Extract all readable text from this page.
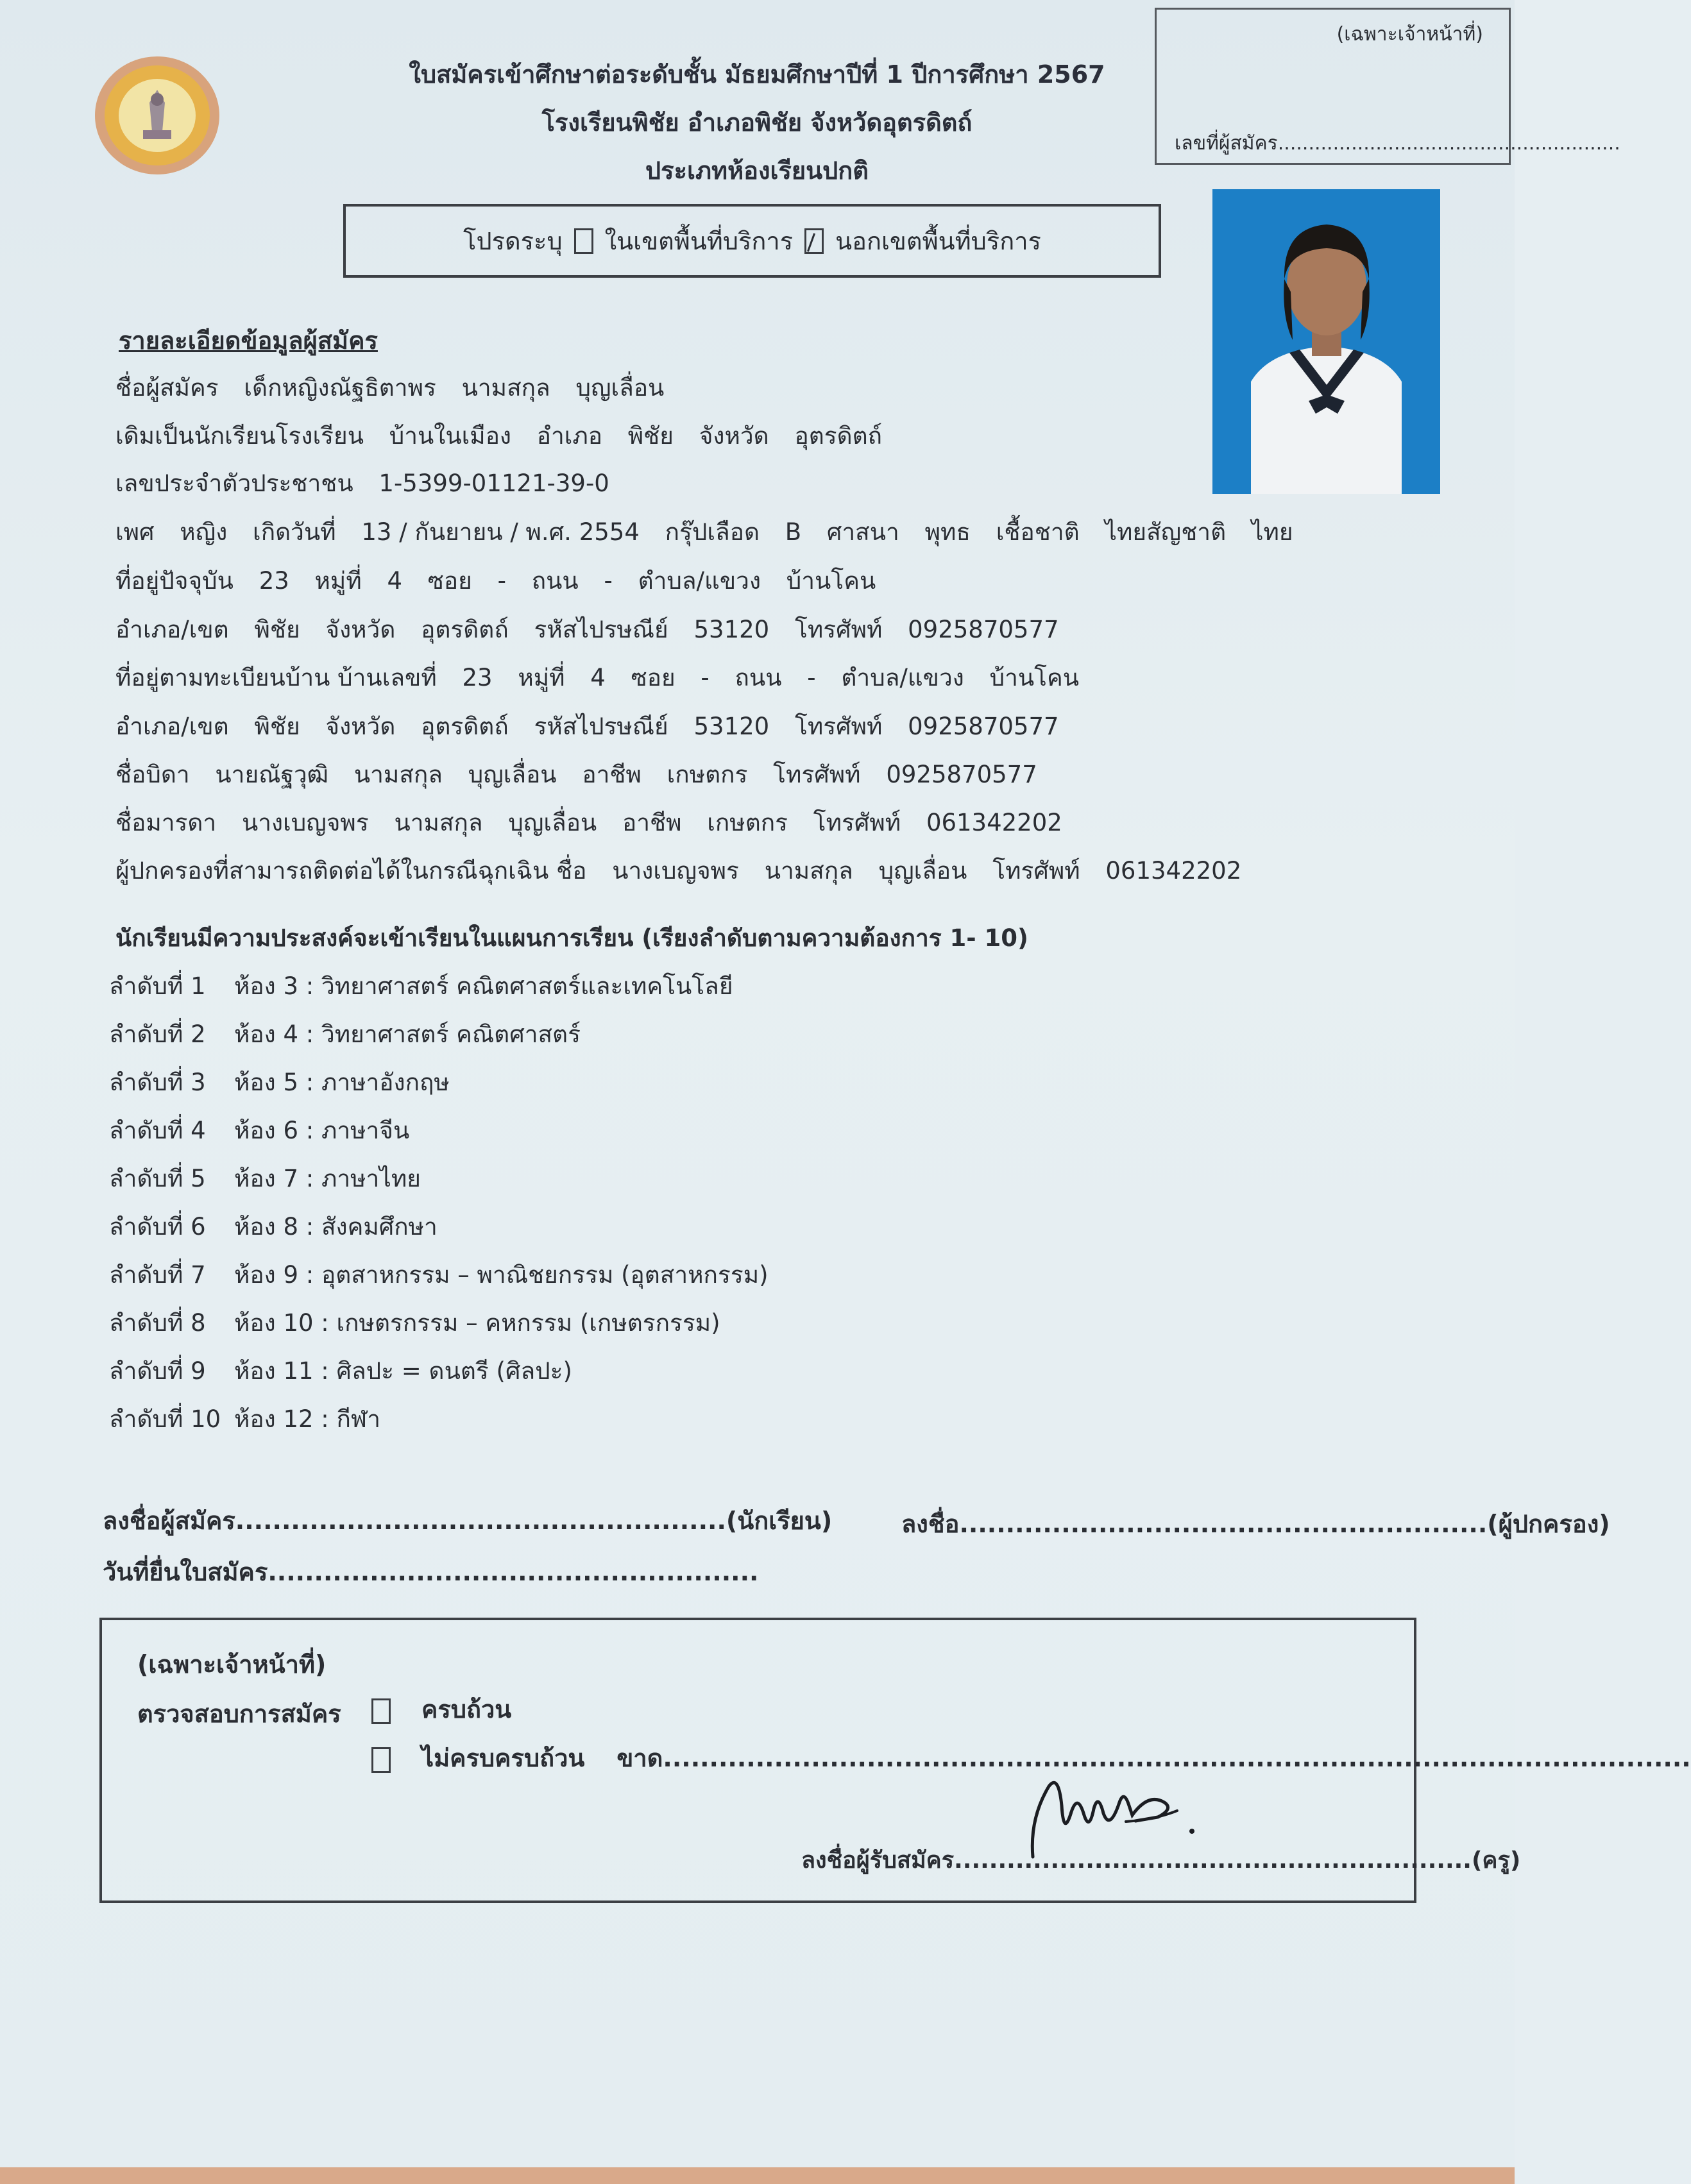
ใบสมัครเข้าศึกษาต่อระดับชั้น มัธยมศึกษาปีที่ 1 ปีการศึกษา 2567
โรงเรียนพิชัย อำเภอพิชัย จังหวัดอุตรดิตถ์
ประเภทห้องเรียนปกติ
(เฉพาะเจ้าหน้าที่)
เลขที่ผู้สมัคร........................................................
โปรดระบุ ในเขตพื้นที่บริการ นอกเขตพื้นที่บริการ
รายละเอียดข้อมูลผู้สมัคร
ชื่อผู้สมัคร เด็กหญิงณัฐธิตาพร นามสกุล บุญเลื่อน
เดิมเป็นนักเรียนโรงเรียน บ้านในเมือง อำเภอ พิชัย จังหวัด อุตรดิตถ์
เลขประจำตัวประชาชน 1-5399-01121-39-0
เพศ หญิง เกิดวันที่ 13 / กันยายน / พ.ศ. 2554 กรุ๊ปเลือด B ศาสนา พุทธ เชื้อชาติ ไทยสัญชาติ ไทย
ที่อยู่ปัจจุบัน 23 หมู่ที่ 4 ซอย - ถนน - ตำบล/แขวง บ้านโคน
อำเภอ/เขต พิชัย จังหวัด อุตรดิตถ์ รหัสไปรษณีย์ 53120 โทรศัพท์ 0925870577
ที่อยู่ตามทะเบียนบ้าน บ้านเลขที่ 23 หมู่ที่ 4 ซอย - ถนน - ตำบล/แขวง บ้านโคน
อำเภอ/เขต พิชัย จังหวัด อุตรดิตถ์ รหัสไปรษณีย์ 53120 โทรศัพท์ 0925870577
ชื่อบิดา นายณัฐวุฒิ นามสกุล บุญเลื่อน อาชีพ เกษตกร โทรศัพท์ 0925870577
ชื่อมารดา นางเบญจพร นามสกุล บุญเลื่อน อาชีพ เกษตกร โทรศัพท์ 061342202
ผู้ปกครองที่สามารถติดต่อได้ในกรณีฉุกเฉิน ชื่อ นางเบญจพร นามสกุล บุญเลื่อน โทรศัพท์ 061342202
นักเรียนมีความประสงค์จะเข้าเรียนในแผนการเรียน (เรียงลำดับตามความต้องการ 1- 10)
ลำดับที่ 1 ห้อง 3 : วิทยาศาสตร์ คณิตศาสตร์และเทคโนโลยี
ลำดับที่ 2 ห้อง 4 : วิทยาศาสตร์ คณิตศาสตร์
ลำดับที่ 3 ห้อง 5 : ภาษาอังกฤษ
ลำดับที่ 4 ห้อง 6 : ภาษาจีน
ลำดับที่ 5 ห้อง 7 : ภาษาไทย
ลำดับที่ 6 ห้อง 8 : สังคมศึกษา
ลำดับที่ 7 ห้อง 9 : อุตสาหกรรม – พาณิชยกรรม (อุตสาหกรรม)
ลำดับที่ 8 ห้อง 10 : เกษตรกรรม – คหกรรม (เกษตรกรรม)
ลำดับที่ 9 ห้อง 11 : ศิลปะ = ดนตรี (ศิลปะ)
ลำดับที่ 10 ห้อง 12 : กีฬา
ลงชื่อผู้สมัคร.....................................................(นักเรียน)	ลงชื่อ.........................................................(ผู้ปกครอง)
วันที่ยื่นใบสมัคร.....................................................
(เฉพาะเจ้าหน้าที่)
ตรวจสอบการสมัคร	ครบถ้วน
ไม่ครบครบถ้วน ขาด...............................................................................................................
ลงชื่อผู้รับสมัคร...........................................................(ครู)
